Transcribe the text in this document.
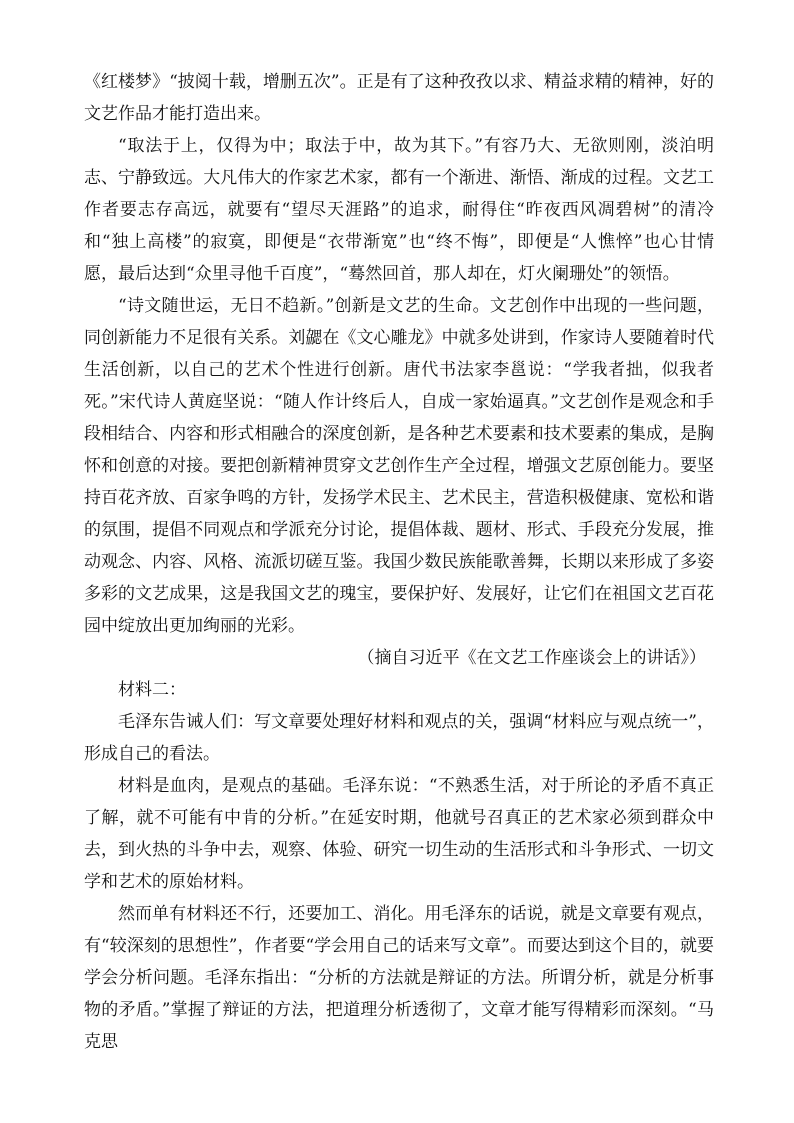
《红楼梦》“披阅十载，增删五次”。正是有了这种孜孜以求、精益求精的精神，好的文艺作品才能打造出来。

“取法于上，仅得为中；取法于中，故为其下。”有容乃大、无欲则刚，淡泊明志、宁静致远。大凡伟大的作家艺术家，都有一个渐进、渐悟、渐成的过程。文艺工作者要志存高远，就要有“望尽天涯路”的追求，耐得住“昨夜西风凋碧树”的清冷和“独上高楼”的寂寞，即便是“衣带渐宽”也“终不悔”，即便是“人憔悴”也心甘情愿，最后达到“众里寻他千百度”，“蓦然回首，那人却在，灯火阑珊处”的领悟。

“诗文随世运，无日不趋新。”创新是文艺的生命。文艺创作中出现的一些问题，同创新能力不足很有关系。刘勰在《文心雕龙》中就多处讲到，作家诗人要随着时代生活创新，以自己的艺术个性进行创新。唐代书法家李邕说：“学我者拙，似我者死。”宋代诗人黄庭坚说：“随人作计终后人，自成一家始逼真。”文艺创作是观念和手段相结合、内容和形式相融合的深度创新，是各种艺术要素和技术要素的集成，是胸怀和创意的对接。要把创新精神贯穿文艺创作生产全过程，增强文艺原创能力。要坚持百花齐放、百家争鸣的方针，发扬学术民主、艺术民主，营造积极健康、宽松和谐的氛围，提倡不同观点和学派充分讨论，提倡体裁、题材、形式、手段充分发展，推动观念、内容、风格、流派切磋互鉴。我国少数民族能歌善舞，长期以来形成了多姿多彩的文艺成果，这是我国文艺的瑰宝，要保护好、发展好，让它们在祖国文艺百花园中绽放出更加绚丽的光彩。

（摘自习近平《在文艺工作座谈会上的讲话》）

材料二：

毛泽东告诫人们：写文章要处理好材料和观点的关，强调“材料应与观点统一”，形成自己的看法。

材料是血肉，是观点的基础。毛泽东说：“不熟悉生活，对于所论的矛盾不真正了解，就不可能有中肯的分析。”在延安时期，他就号召真正的艺术家必须到群众中去，到火热的斗争中去，观察、体验、研究一切生动的生活形式和斗争形式、一切文学和艺术的原始材料。

然而单有材料还不行，还要加工、消化。用毛泽东的话说，就是文章要有观点，有“较深刻的思想性”，作者要“学会用自己的话来写文章”。而要达到这个目的，就要学会分析问题。毛泽东指出：“分析的方法就是辩证的方法。所谓分析，就是分析事物的矛盾。”掌握了辩证的方法，把道理分析透彻了，文章才能写得精彩而深刻。“马克思
